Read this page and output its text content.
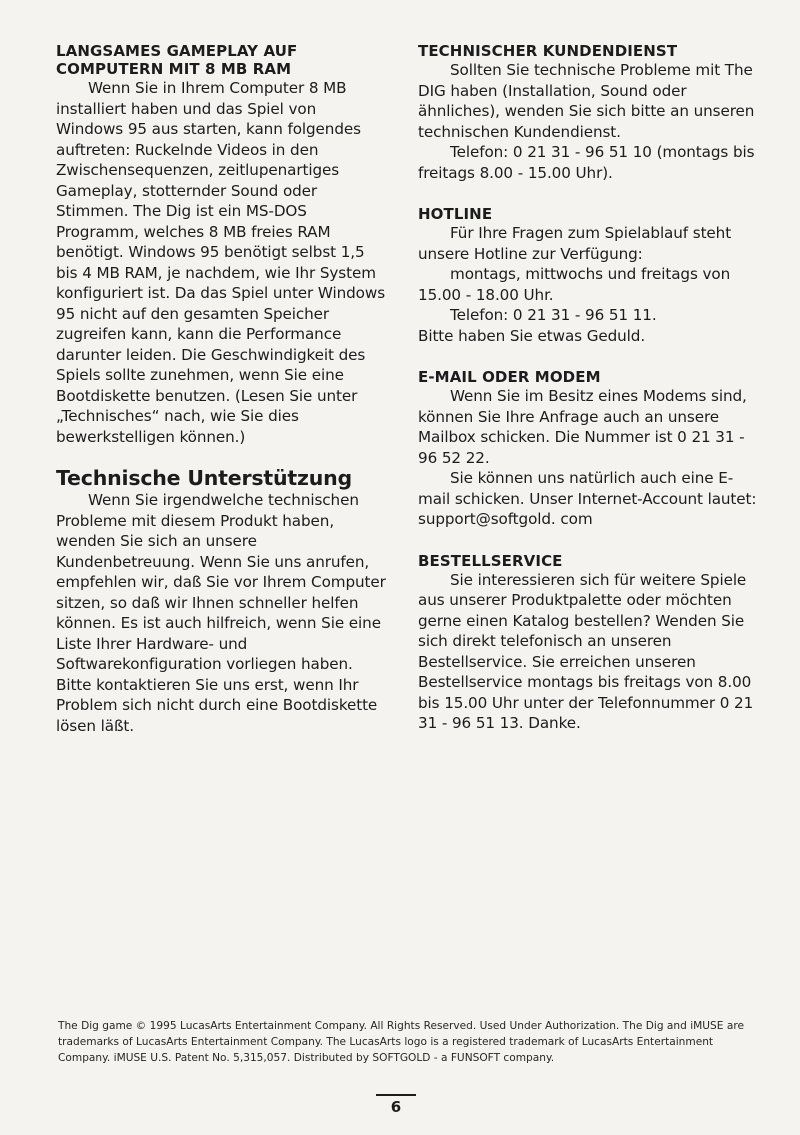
LANGSAMES GAMEPLAY AUF COMPUTERN MIT 8 MB RAM

Wenn Sie in Ihrem Computer 8 MB installiert haben und das Spiel von Windows 95 aus starten, kann folgendes auftreten: Ruckelnde Videos in den Zwischensequenzen, zeitlupenartiges Gameplay, stotternder Sound oder Stimmen. The Dig ist ein MS-DOS Programm, welches 8 MB freies RAM benötigt. Windows 95 benötigt selbst 1,5 bis 4 MB RAM, je nachdem, wie Ihr System konfiguriert ist. Da das Spiel unter Windows 95 nicht auf den gesamten Speicher zugreifen kann, kann die Performance darunter leiden. Die Geschwindigkeit des Spiels sollte zunehmen, wenn Sie eine Bootdiskette benutzen. (Lesen Sie unter „Technisches“ nach, wie Sie dies bewerkstelligen können.)

Technische Unterstützung

Wenn Sie irgendwelche technischen Probleme mit diesem Produkt haben, wenden Sie sich an unsere Kundenbetreuung. Wenn Sie uns anrufen, empfehlen wir, daß Sie vor Ihrem Computer sitzen, so daß wir Ihnen schneller helfen können. Es ist auch hilfreich, wenn Sie eine Liste Ihrer Hardware- und Softwarekonfiguration vorliegen haben. Bitte kontaktieren Sie uns erst, wenn Ihr Problem sich nicht durch eine Bootdiskette lösen läßt.

TECHNISCHER KUNDENDIENST

Sollten Sie technische Probleme mit The DIG haben (Installation, Sound oder ähnliches), wenden Sie sich bitte an unseren technischen Kundendienst.

Telefon: 0 21 31 - 96 51 10 (montags bis freitags 8.00 - 15.00 Uhr).

HOTLINE

Für Ihre Fragen zum Spielablauf steht unsere Hotline zur Verfügung:

montags, mittwochs und freitags von 15.00 - 18.00 Uhr.

Telefon: 0 21 31 - 96 51 11.

Bitte haben Sie etwas Geduld.

E-MAIL ODER MODEM

Wenn Sie im Besitz eines Modems sind, können Sie Ihre Anfrage auch an unsere Mailbox schicken. Die Nummer ist 0 21 31 - 96 52 22.

Sie können uns natürlich auch eine E-mail schicken. Unser Internet-Account lautet: support@softgold. com

BESTELLSERVICE

Sie interessieren sich für weitere Spiele aus unserer Produktpalette oder möchten gerne einen Katalog bestellen? Wenden Sie sich direkt telefonisch an unseren Bestellservice. Sie erreichen unseren Bestellservice montags bis freitags von 8.00 bis 15.00 Uhr unter der Telefonnummer 0 21 31 - 96 51 13. Danke.

The Dig game © 1995 LucasArts Entertainment Company. All Rights Reserved. Used Under Authorization. The Dig and iMUSE are trademarks of LucasArts Entertainment Company. The LucasArts logo is a registered trademark of LucasArts Entertainment Company. iMUSE U.S. Patent No. 5,315,057. Distributed by SOFTGOLD - a FUNSOFT company.

6
